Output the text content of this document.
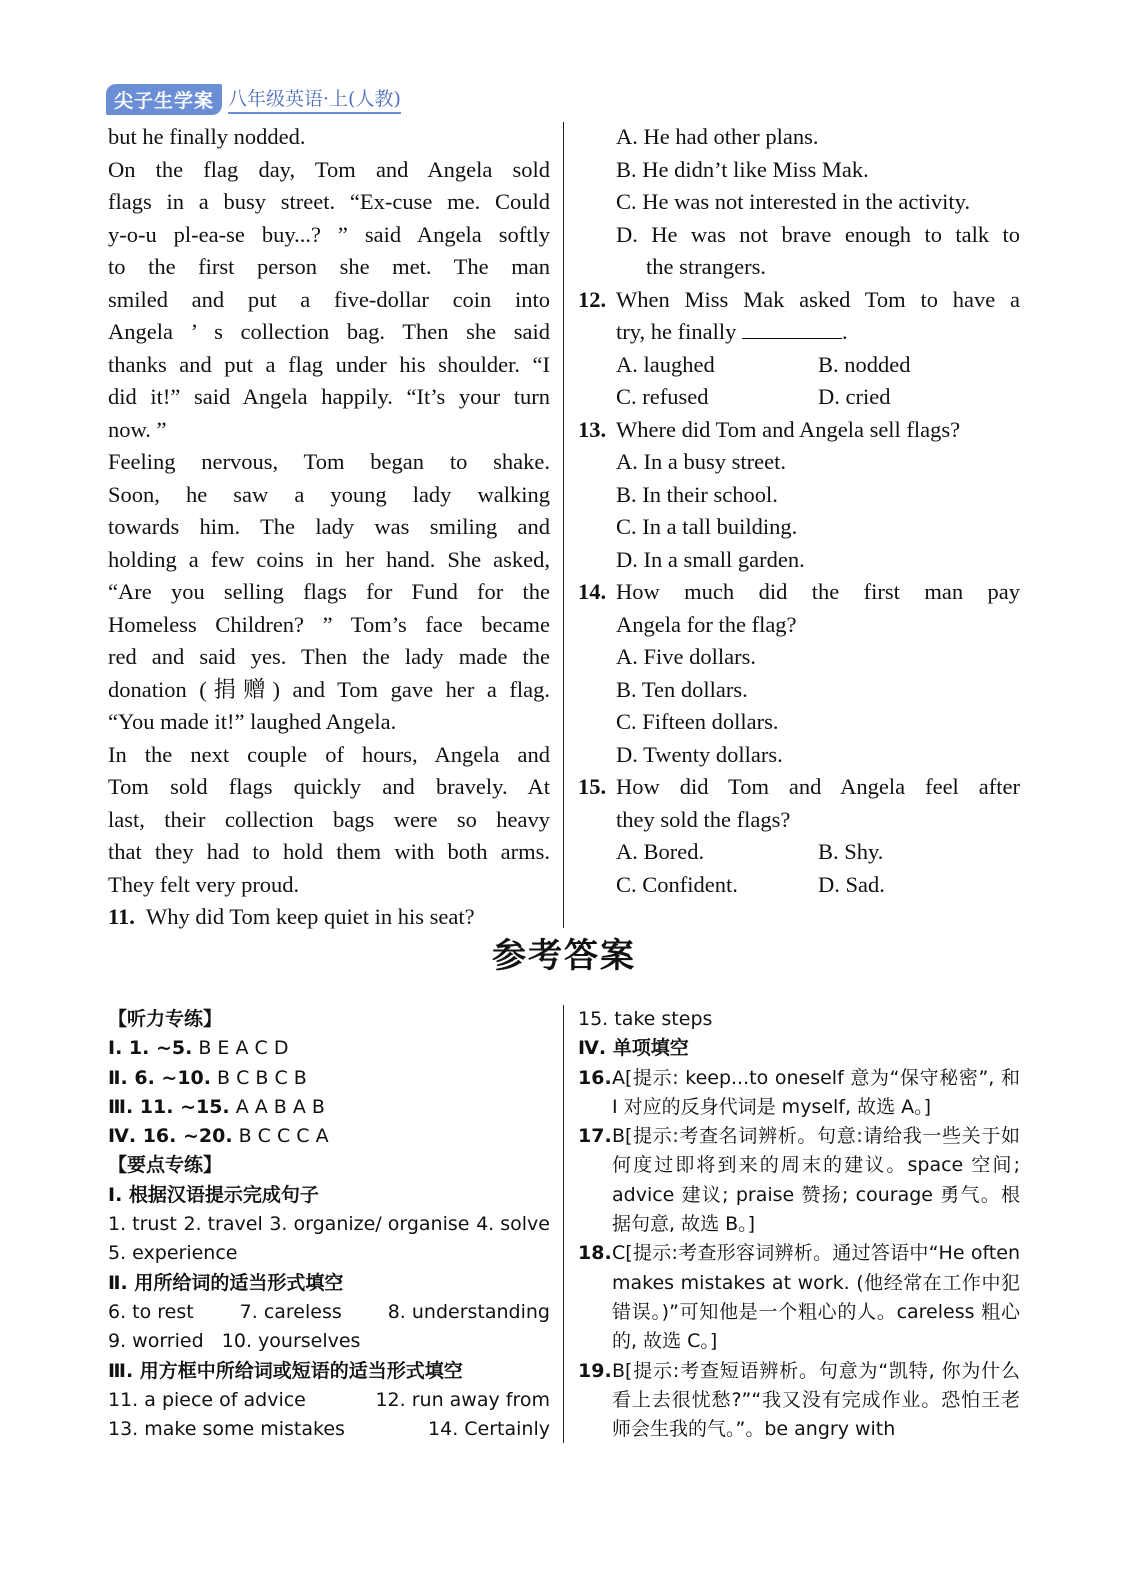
尖子生学案 八年级英语·上(人教)

but he finally nodded.

On the flag day, Tom and Angela sold

flags in a busy street. “Ex-cuse me. Could

y-o-u pl-ea-se buy...? ” said Angela softly

to the first person she met. The man

smiled and put a five-dollar coin into

Angela ’ s collection bag. Then she said

thanks and put a flag under his shoulder. “I

did it!” said Angela happily. “It’s your turn

now. ”

Feeling nervous, Tom began to shake.

Soon, he saw a young lady walking

towards him. The lady was smiling and

holding a few coins in her hand. She asked,

“Are you selling flags for Fund for the

Homeless Children? ” Tom’s face became

red and said yes. Then the lady made the

donation (捐赠) and Tom gave her a flag.

“You made it!” laughed Angela.

In the next couple of hours, Angela and

Tom sold flags quickly and bravely. At

last, their collection bags were so heavy

that they had to hold them with both arms.

They felt very proud.

11. Why did Tom keep quiet in his seat?

A. He had other plans.

B. He didn’t like Miss Mak.

C. He was not interested in the activity.

D. He was not brave enough to talk to

the strangers.

12. When Miss Mak asked Tom to have a

try, he finally	.

A. laughed	B. nodded

C. refused	D. cried

13. Where did Tom and Angela sell flags?

A. In a busy street.

B. In their school.

C. In a tall building.

D. In a small garden.

14. How much did the first man pay

Angela for the flag?

A. Five dollars.

B. Ten dollars.

C. Fifteen dollars.

D. Twenty dollars.

15. How did Tom and Angela feel after

they sold the flags?

A. Bored.	B. Shy.

C. Confident.	D. Sad.

参考答案

【听力专练】

Ⅰ. 1. ~5. B E A C D

Ⅱ. 6. ~10. B C B C B

Ⅲ. 11. ~15. A A B A B

Ⅳ. 16. ~20. B C C C A

【要点专练】

Ⅰ. 根据汉语提示完成句子

1. trust 2. travel 3. organize/ organise 4. solve

5. experience

Ⅱ. 用所给词的适当形式填空

6. to rest 7. careless 8. understanding

9. worried 10. yourselves

Ⅲ. 用方框中所给词或短语的适当形式填空

11. a piece of advice	12. run away from

13. make some mistakes	14. Certainly

15. take steps

Ⅳ. 单项填空

16. A[提示: keep...to oneself 意为“保守秘密”, 和 I 对应的反身代词是 myself, 故选 A。]
17. B[提示:考查名词辨析。句意:请给我一些关于如何度过即将到来的周末的建议。space 空间; advice 建议; praise 赞扬; courage 勇气。根据句意, 故选 B。]
18. C[提示:考查形容词辨析。通过答语中“He often makes mistakes at work. (他经常在工作中犯错误。)”可知他是一个粗心的人。careless 粗心的, 故选 C。]
19. B[提示:考查短语辨析。句意为“凯特, 你为什么看上去很忧愁?”“我又没有完成作业。恐怕王老师会生我的气。”。be angry with
